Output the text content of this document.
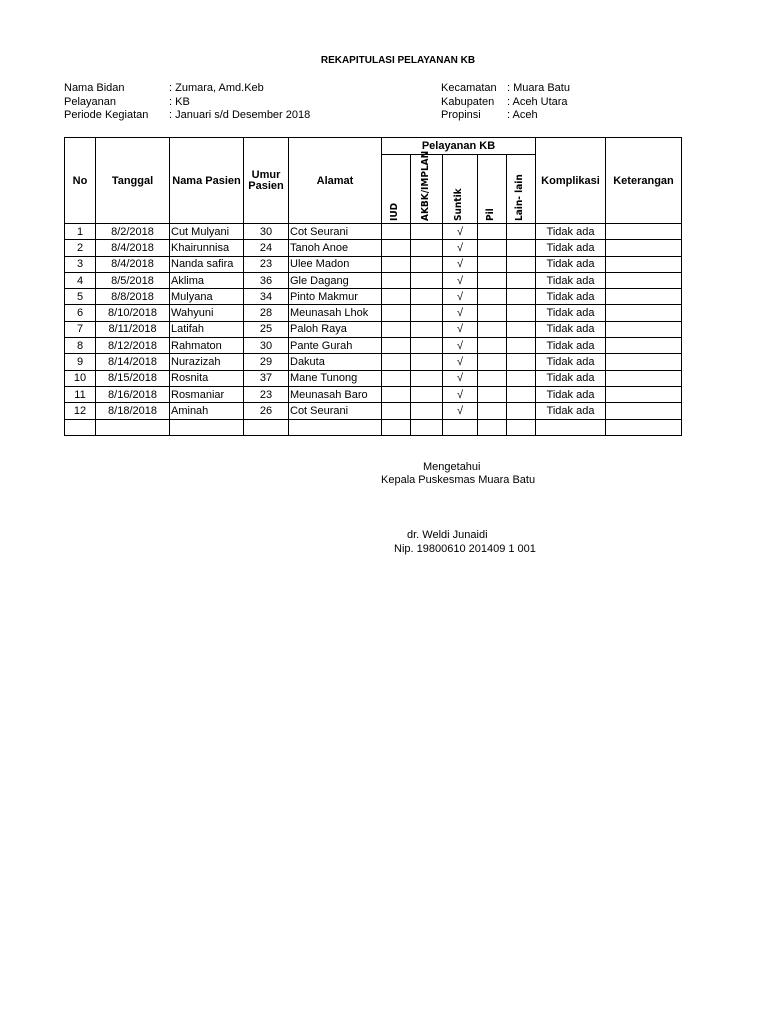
REKAPITULASI PELAYANAN KB
Nama Bidan	: Zumara, Amd.Keb
Pelayanan	: KB
Periode Kegiatan : Januari s/d Desember 2018
Kecamatan : Muara Batu
Kabupaten : Aceh Utara
Propinsi : Aceh
No	Tanggal	Nama Pasien	Umur Pasien	Alamat	Pelayanan KB					Komplikasi	Keterangan

					IUD	AKBK/IMPLAN	Suntik	Pil	Lain- lain		

1	8/2/2018	Cut Mulyani	30	Cot Seurani			√			Tidak ada	
2	8/4/2018	Khairunnisa	24	Tanoh Anoe			√			Tidak ada	
3	8/4/2018	Nanda safira	23	Ulee Madon			√			Tidak ada	
4	8/5/2018	Aklima	36	Gle Dagang			√			Tidak ada	
5	8/8/2018	Mulyana	34	Pinto Makmur			√			Tidak ada	
6	8/10/2018	Wahyuni	28	Meunasah Lhok			√			Tidak ada	
7	8/11/2018	Latifah	25	Paloh Raya			√			Tidak ada	
8	8/12/2018	Rahmaton	30	Pante Gurah			√			Tidak ada	
9	8/14/2018	Nurazizah	29	Dakuta			√			Tidak ada	
10	8/15/2018	Rosnita	37	Mane Tunong			√			Tidak ada	
11	8/16/2018	Rosmaniar	23	Meunasah Baro			√			Tidak ada	
12	8/18/2018	Aminah	26	Cot Seurani			√			Tidak ada	

Mengetahui
Kepala Puskesmas Muara Batu
dr. Weldi Junaidi
Nip. 19800610 201409 1 001
